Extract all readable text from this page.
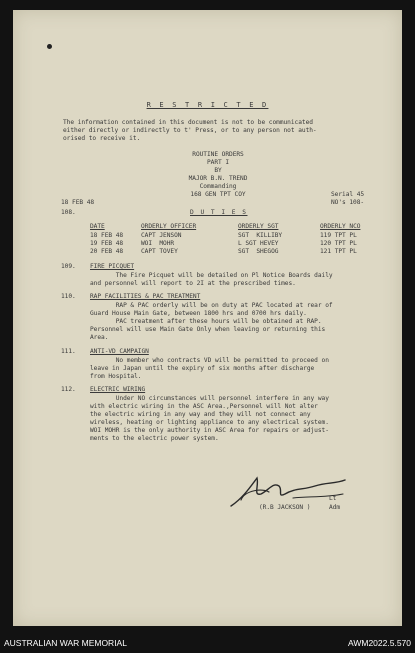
R E S T R I C T E D
The information contained in this document is not to be communicated
either directly or indirectly to t' Press, or to any person not auth-
orised to receive it.
ROUTINE ORDERS
PART I
BY
MAJOR B.N. TREND
Commanding
168 GEN TPT COY
18 FEB 48
Serial 45
NO's 108-
108.	D U T I E S
DATE	ORDERLY OFFICER	ORDERLY SGT	ORDERLY NCO
18 FEB 48	CAPT JENSON	SGT  KILLIBY	119 TPT PL
19 FEB 48	WOI  MOHR	L SGT HEVEY	120 TPT PL
20 FEB 48	CAPT TOVEY	SGT  SHEGOG	121 TPT PL
109. FIRE PICQUET
The Fire Picquet will be detailed on Pl Notice Boards daily
and personnel will report to 2I at the prescribed times.
110. RAP FACILITIES & PAC TREATMENT
RAP & PAC orderly will be on duty at PAC located at rear of
Guard House Main Gate, between 1800 hrs and 0700 hrs daily.
PAC treatment after these hours will be obtained at RAP.
Personnel will use Main Gate Only when leaving or returning this
Area.
111. ANTI-VD CAMPAIGN
No member who contracts VD will be permitted to proceed on
leave in Japan until the expiry of six months after discharge
from Hospital.
112. ELECTRIC WIRING
Under NO circumstances will personnel interfere in any way
with electric wiring in the ASC Area.,Personnel will Not alter
the electric wiring in any way and they will not connect any
wireless, heating or lighting appliance to any electrical system.
WOI MOHR is the only authority in ASC Area for repairs or adjust-
ments to the electric power system.
Lt
(R.B JACKSON )	Adm
AUSTRALIAN WAR MEMORIAL	AWM2022.5.570
